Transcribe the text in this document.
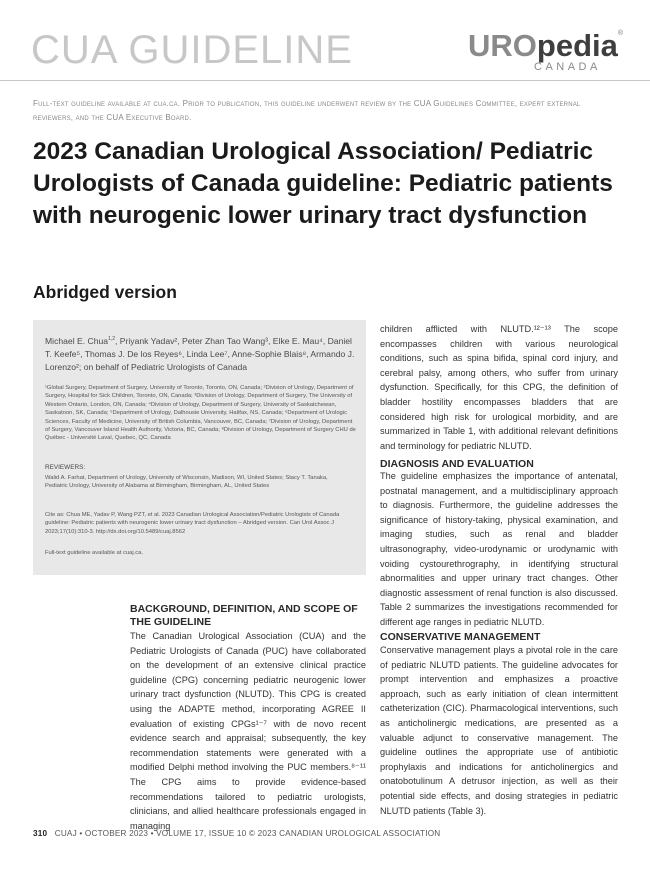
CUA GUIDELINE	UROpedia®
CANADA
Full-text guideline available at cua.ca. Prior to publication, this guideline underwent review by the CUA Guidelines Committee, expert external reviewers, and the CUA Executive Board.
2023 Canadian Urological Association/ Pediatric Urologists of Canada guideline: Pediatric patients with neurogenic lower urinary tract dysfunction
Abridged version
Michael E. Chua$^{1,2}$, Priyank Yadav², Peter Zhan Tao Wang³, Elke E. Mau⁴, Daniel T. Keefe⁵, Thomas J. De los Reyes⁶, Linda Lee⁷, Anne-Sophie Blais⁸, Armando J. Lorenzo²; on behalf of Pediatric Urologists of Canada
¹Global Surgery, Department of Surgery, University of Toronto, Toronto, ON, Canada; ²Division of Urology, Department of Surgery, Hospital for Sick Children, Toronto, ON, Canada; ³Division of Urology, Department of Surgery, The University of Western Ontario, London, ON, Canada; ⁴Division of Urology, Department of Surgery, University of Saskatchewan, Saskatoon, SK, Canada; ⁵Department of Urology, Dalhousie University, Halifax, NS, Canada; ⁶Department of Urologic Sciences, Faculty of Medicine, University of British Columbia, Vancouver, BC, Canada; ⁷Division of Urology, Department of Surgery, Vancouver Island Health Authority, Victoria, BC, Canada; ⁸Division of Urology, Department of Surgery CHU de Québec - Université Laval, Quebec, QC, Canada
REVIEWERS:
Walid A. Farhat, Department of Urology, University of Wisconsin, Madison, WI, United States; Stacy T. Tanaka, Pediatric Urology, University of Alabama at Birmingham, Birmingham, AL, United States
Cite as: Chua ME, Yadav P, Wang PZT, et al. 2023 Canadian Urological Association/Pediatric Urologists of Canada guideline: Pediatric patients with neurogenic lower urinary tract dysfunction – Abridged version. Can Urol Assoc J 2023;17(10):310-3. http://dx.doi.org/10.5489/cuaj.8562
Full-text guideline available at cuaj.ca.
BACKGROUND, DEFINITION, AND SCOPE OF THE GUIDELINE
The Canadian Urological Association (CUA) and the Pediatric Urologists of Canada (PUC) have collaborated on the development of an extensive clinical practice guideline (CPG) concerning pediatric neurogenic lower urinary tract dysfunction (NLUTD). This CPG is created using the ADAPTE method, incorporating AGREE II evaluation of existing CPGs¹⁻⁷ with de novo recent evidence search and appraisal; subsequently, the key recommendation statements were generated with a modified Delphi method involving the PUC members.⁸⁻¹¹ The CPG aims to provide evidence-based recommendations tailored to pediatric urologists, clinicians, and allied healthcare professionals engaged in managing
children afflicted with NLUTD.¹²⁻¹³ The scope encompasses children with various neurological conditions, such as spina bifida, spinal cord injury, and cerebral palsy, among others, who suffer from urinary dysfunction. Specifically, for this CPG, the definition of bladder hostility encompasses bladders that are considered high risk for urological morbidity, and are summarized in Table 1, with additional relevant definitions and terminology for pediatric NLUTD.
DIAGNOSIS AND EVALUATION
The guideline emphasizes the importance of antenatal, postnatal management, and a multidisciplinary approach to diagnosis. Furthermore, the guideline addresses the significance of history-taking, physical examination, and imaging studies, such as renal and bladder ultrasonography, video-urodynamic or urodynamic with voiding cystourethrography, in identifying structural abnormalities and upper urinary tract changes. Other diagnostic assessment of renal function is also discussed. Table 2 summarizes the investigations recommended for different age ranges in pediatric NLUTD.
CONSERVATIVE MANAGEMENT
Conservative management plays a pivotal role in the care of pediatric NLUTD patients. The guideline advocates for prompt intervention and emphasizes a proactive approach, such as early initiation of clean intermittent catheterization (CIC). Pharmacological interventions, such as anticholinergic medications, are presented as a valuable adjunct to conservative management. The guideline outlines the appropriate use of antibiotic prophylaxis and indications for anticholinergics and onatobotulinum A detrusor injection, as well as their potential side effects, and dosing strategies in pediatric NLUTD patients (Table 3).
310 CUAJ • OCTOBER 2023 • VOLUME 17, ISSUE 10 © 2023 CANADIAN UROLOGICAL ASSOCIATION
